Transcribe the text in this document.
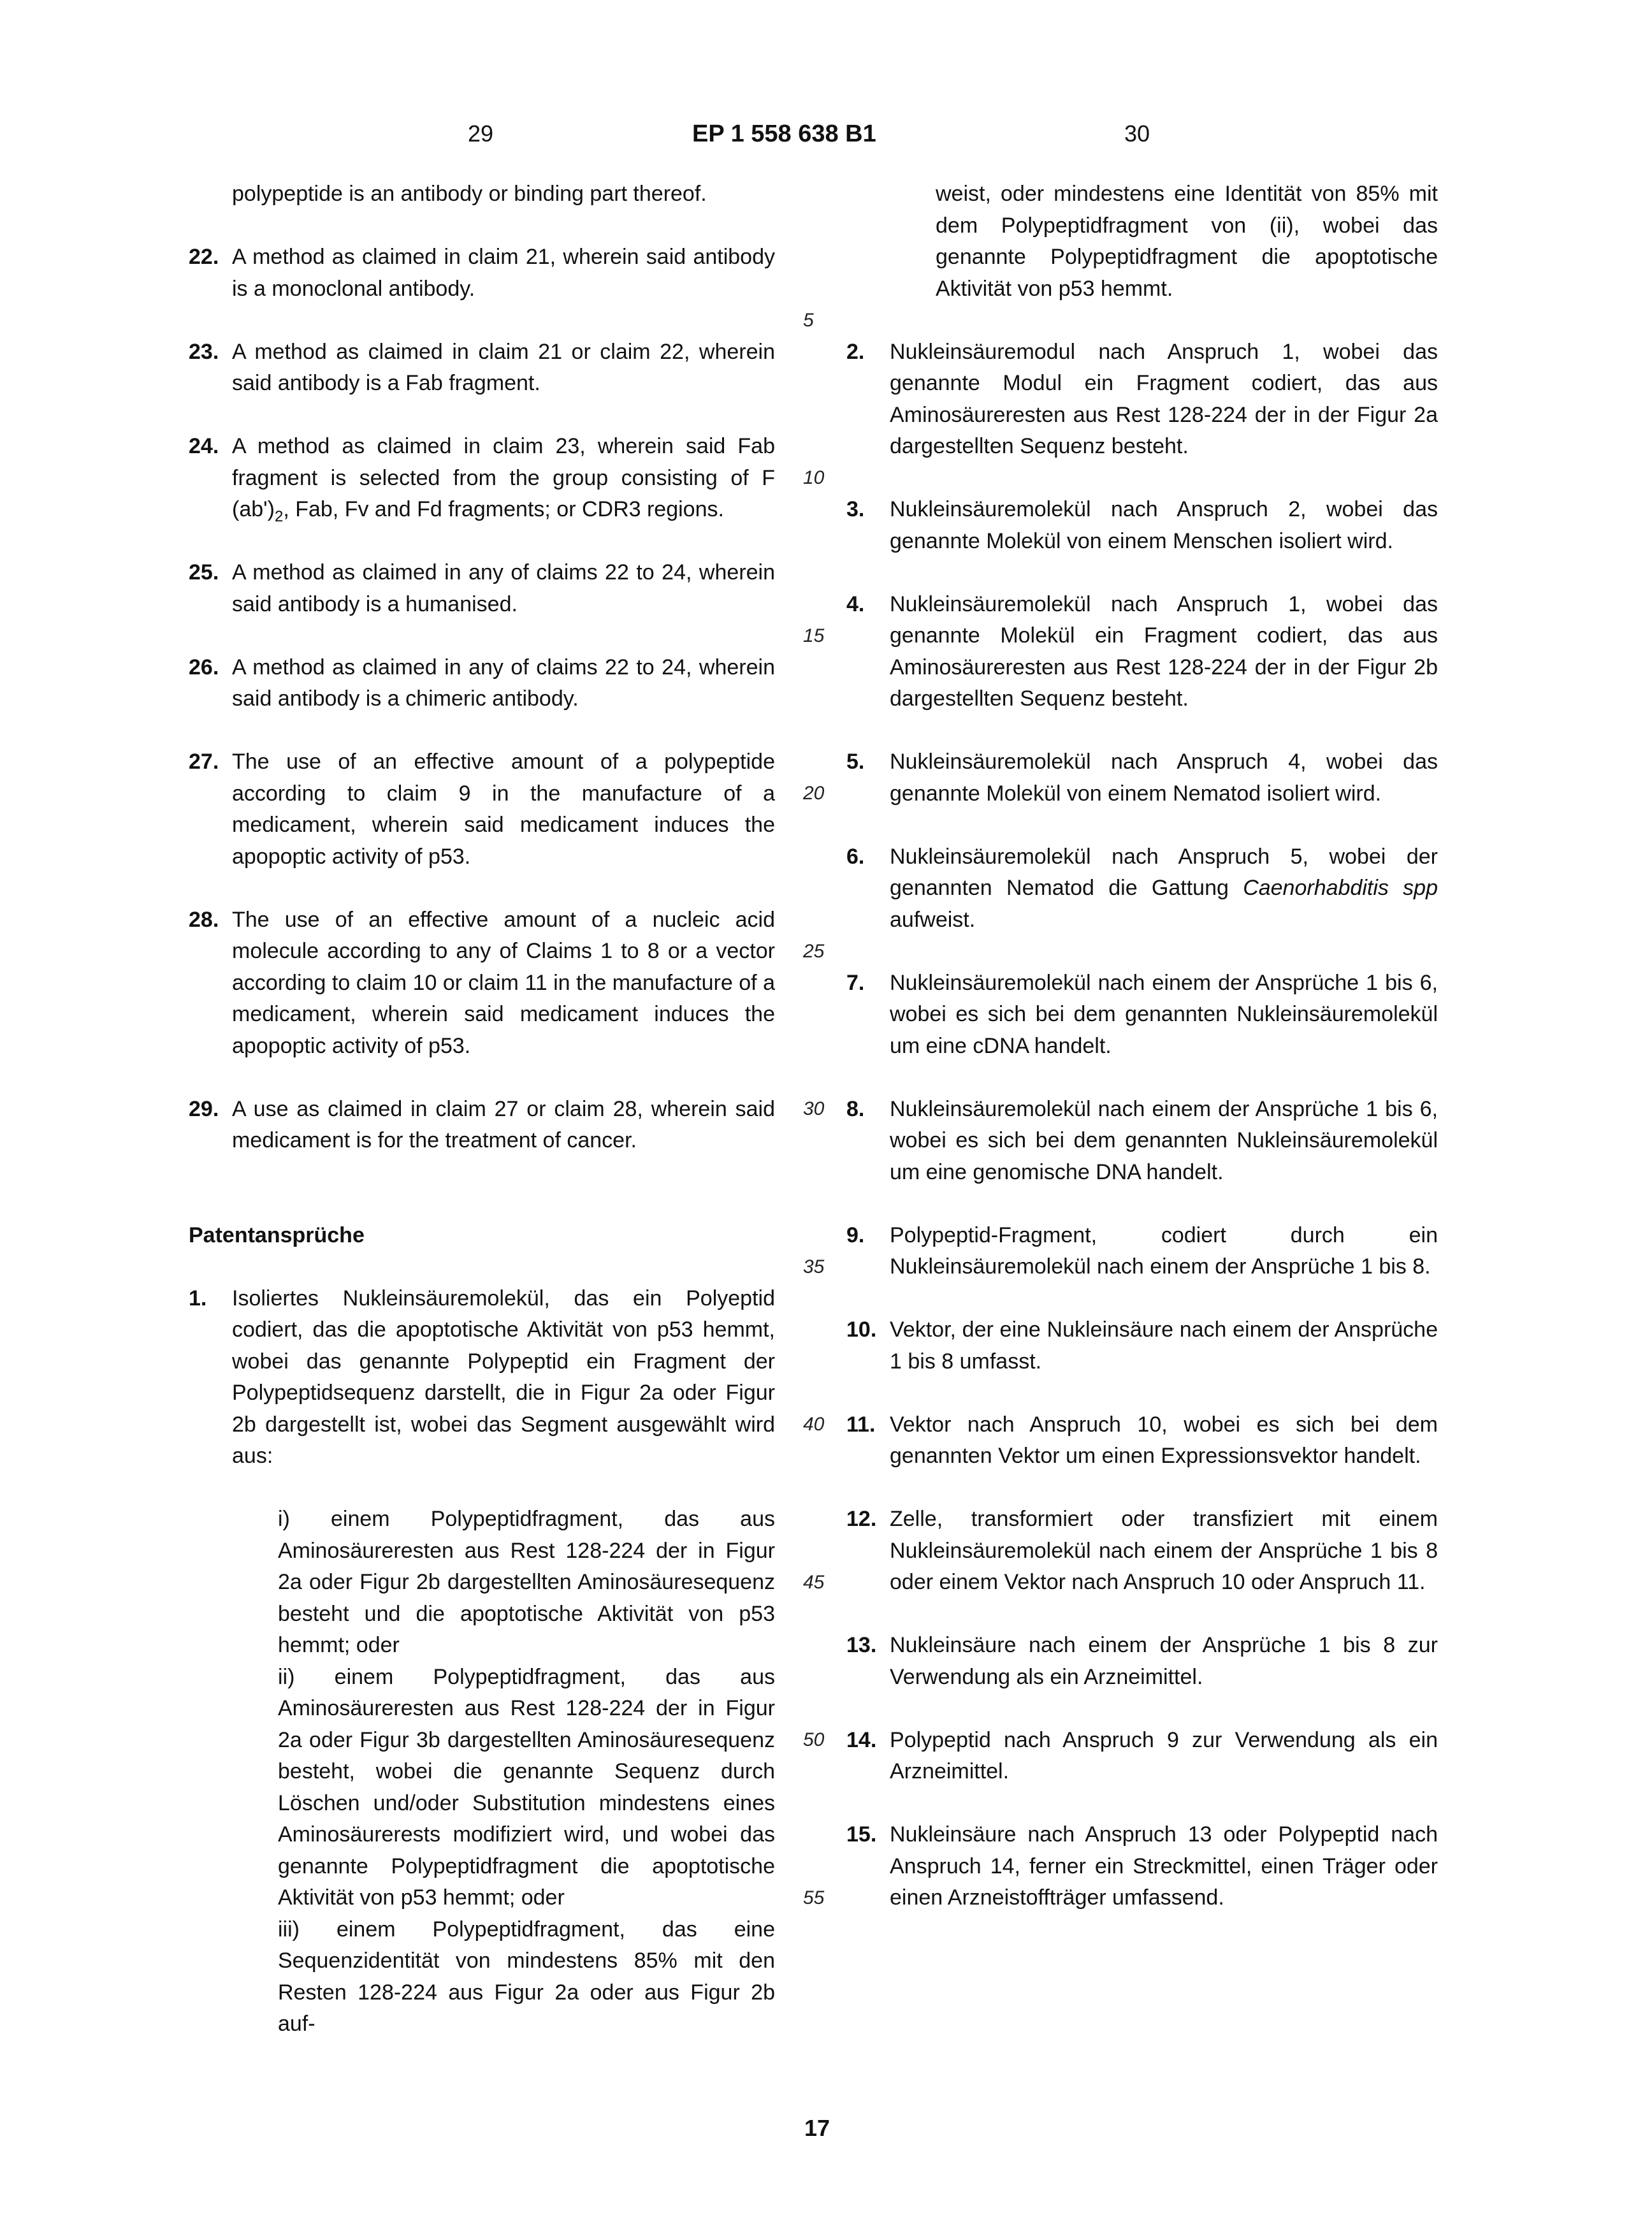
29	EP 1 558 638 B1	30

polypeptide is an antibody or binding part thereof.

22. A method as claimed in claim 21, wherein said antibody is a monoclonal antibody.
23. A method as claimed in claim 21 or claim 22, wherein said antibody is a Fab fragment.
24. A method as claimed in claim 23, wherein said Fab fragment is selected from the group consisting of F $(ab')_2$, Fab, Fv and Fd fragments; or CDR3 regions.
25. A method as claimed in any of claims 22 to 24, wherein said antibody is a humanised.
26. A method as claimed in any of claims 22 to 24, wherein said antibody is a chimeric antibody.
27. The use of an effective amount of a polypeptide according to claim 9 in the manufacture of a medicament, wherein said medicament induces the apopoptic activity of p53.
28. The use of an effective amount of a nucleic acid molecule according to any of Claims 1 to 8 or a vector according to claim 10 or claim 11 in the manufacture of a medicament, wherein said medicament induces the apopoptic activity of p53.
29. A use as claimed in claim 27 or claim 28, wherein said medicament is for the treatment of cancer.

Patentansprüche

1. Isoliertes Nukleinsäuremolekül, das ein Polyeptid codiert, das die apoptotische Aktivität von p53 hemmt, wobei das genannte Polypeptid ein Fragment der Polypeptidsequenz darstellt, die in Figur 2a oder Figur 2b dargestellt ist, wobei das Segment ausgewählt wird aus:

i) einem Polypeptidfragment, das aus Aminosäureresten aus Rest 128-224 der in Figur 2a oder Figur 2b dargestellten Aminosäuresequenz besteht und die apoptotische Aktivität von p53 hemmt; oder

ii) einem Polypeptidfragment, das aus Aminosäureresten aus Rest 128-224 der in Figur 2a oder Figur 3b dargestellten Aminosäuresequenz besteht, wobei die genannte Sequenz durch Löschen und/oder Substitution mindestens eines Aminosäurerests modifiziert wird, und wobei das genannte Polypeptidfragment die apoptotische Aktivität von p53 hemmt; oder

iii) einem Polypeptidfragment, das eine Sequenzidentität von mindestens 85% mit den Resten 128-224 aus Figur 2a oder aus Figur 2b auf-

5
10
15
20
25
30
35
40
45
50
55

weist, oder mindestens eine Identität von 85% mit dem Polypeptidfragment von (ii), wobei das genannte Polypeptidfragment die apoptotische Aktivität von p53 hemmt.

2. Nukleinsäuremodul nach Anspruch 1, wobei das genannte Modul ein Fragment codiert, das aus Aminosäureresten aus Rest 128-224 der in der Figur 2a dargestellten Sequenz besteht.
3. Nukleinsäuremolekül nach Anspruch 2, wobei das genannte Molekül von einem Menschen isoliert wird.
4. Nukleinsäuremolekül nach Anspruch 1, wobei das genannte Molekül ein Fragment codiert, das aus Aminosäureresten aus Rest 128-224 der in der Figur 2b dargestellten Sequenz besteht.
5. Nukleinsäuremolekül nach Anspruch 4, wobei das genannte Molekül von einem Nematod isoliert wird.
6. Nukleinsäuremolekül nach Anspruch 5, wobei der genannten Nematod die Gattung Caenorhabditis spp aufweist.
7. Nukleinsäuremolekül nach einem der Ansprüche 1 bis 6, wobei es sich bei dem genannten Nukleinsäuremolekül um eine cDNA handelt.
8. Nukleinsäuremolekül nach einem der Ansprüche 1 bis 6, wobei es sich bei dem genannten Nukleinsäuremolekül um eine genomische DNA handelt.
9. Polypeptid-Fragment, codiert durch ein Nukleinsäuremolekül nach einem der Ansprüche 1 bis 8.
10. Vektor, der eine Nukleinsäure nach einem der Ansprüche 1 bis 8 umfasst.
11. Vektor nach Anspruch 10, wobei es sich bei dem genannten Vektor um einen Expressionsvektor handelt.
12. Zelle, transformiert oder transfiziert mit einem Nukleinsäuremolekül nach einem der Ansprüche 1 bis 8 oder einem Vektor nach Anspruch 10 oder Anspruch 11.
13. Nukleinsäure nach einem der Ansprüche 1 bis 8 zur Verwendung als ein Arzneimittel.
14. Polypeptid nach Anspruch 9 zur Verwendung als ein Arzneimittel.
15. Nukleinsäure nach Anspruch 13 oder Polypeptid nach Anspruch 14, ferner ein Streckmittel, einen Träger oder einen Arzneistoffträger umfassend.
17
